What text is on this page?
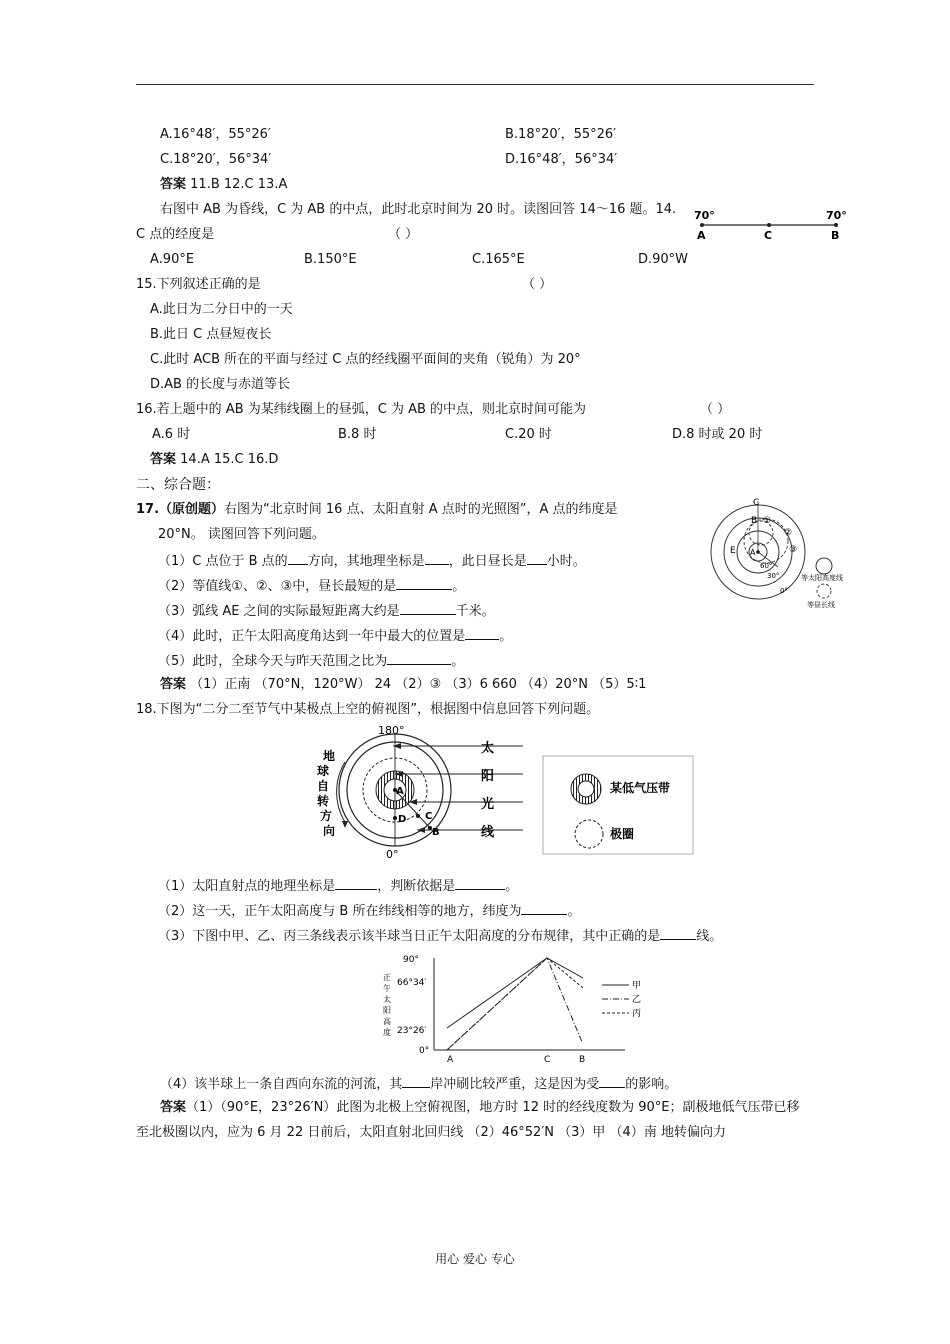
A.16°48′，55°26′	B.18°20′，55°26′
C.18°20′，56°34′	D.16°48′，56°34′
答案 11.B 12.C 13.A
右图中 AB 为昏线，C 为 AB 的中点，此时北京时间为 20 时。读图回答 14～16 题。14.
C 点的经度是	（ ）
A.90°E	B.150°E	C.165°E	D.90°W
70°	70°
A	C	B
15.下列叙述正确的是	（ ）
A.此日为二分日中的一天
B.此日 C 点昼短夜长
C.此时 ACB 所在的平面与经过 C 点的经线圈平面间的夹角（锐角）为 20°
D.AB 的长度与赤道等长
16.若上题中的 AB 为某纬线圈上的昼弧，C 为 AB 的中点，则北京时间可能为	（ ）
A.6 时	B.8 时	C.20 时	D.8 时或 20 时
答案 14.A 15.C 16.D
二、综合题：
17.（原创题）右图为“北京时间 16 点、太阳直射 A 点时的光照图”，A 点的纬度是
20°N。 读图回答下列问题。
（1）C 点位于 B 点的 方向，其地理坐标是 ，此日昼长是 小时。
（2）等值线①、②、③中，昼长最短的是	。
（3）弧线 AE 之间的实际最短距离大约是	千米。
（4）此时，正午太阳高度角达到一年中最大的位置是	。
（5）此时，全球今天与昨天范围之比为	。
答案 （1）正南 （70°N，120°W） 24 （2）③ （3）6 660 （4）20°N （5）5∶1
C
B
E A
①
②
③
60°
30°
0°
等太阳高度线
等昼长线
18.下图为“二分二至节气中某极点上空的俯视图”，根据图中信息回答下列问题。
180°
0°
A
D C
B
地
球
自
转
方
向
太
阳
光
线
某低气压带
极圈
（1）太阳直射点的地理坐标是	，判断依据是	。
（2）这一天，正午太阳高度与 B 所在纬线相等的地方，纬度为	。
（3）下图中甲、乙、丙三条线表示该半球当日正午太阳高度的分布规律，其中正确的是	线。
90°
66°34′
23°26′
0°
正
午
太
阳
高
度
A	C	B
甲
乙
丙
（4）该半球上一条自西向东流的河流，其 岸冲刷比较严重，这是因为受 的影响。
答案（1）（90°E，23°26′N）此图为北极上空俯视图，地方时 12 时的经线度数为 90°E；副极地低气压带已移
至北极圈以内，应为 6 月 22 日前后，太阳直射北回归线 （2）46°52′N （3）甲 （4）南 地转偏向力
用心 爱心 专心
